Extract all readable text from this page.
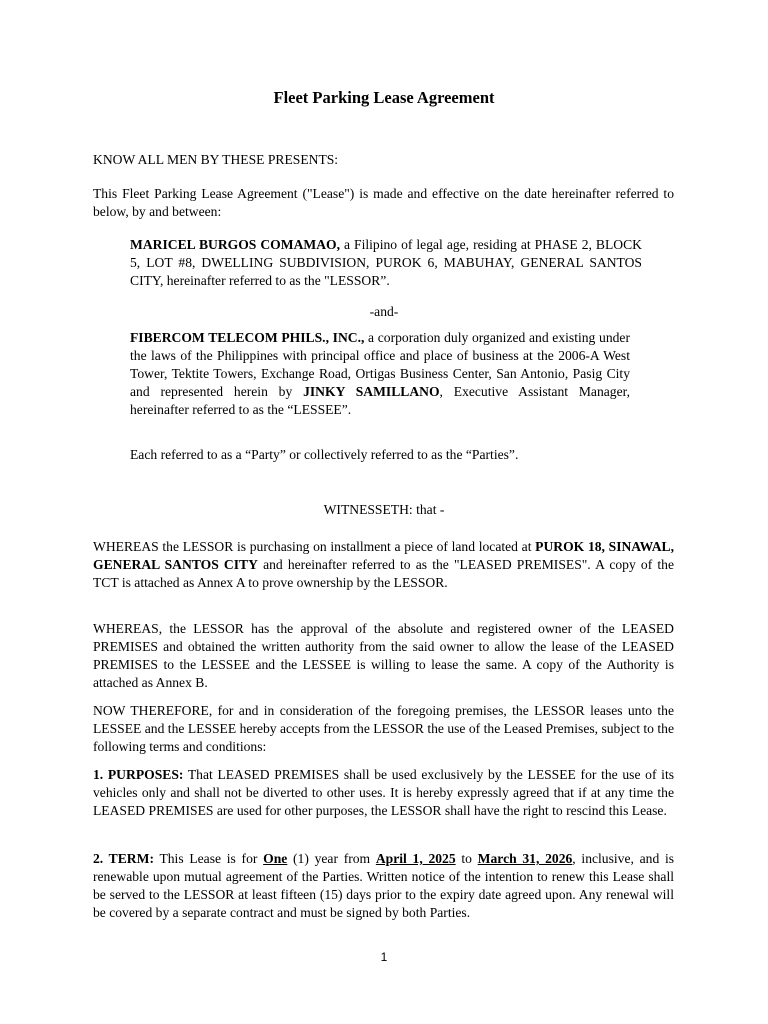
Fleet Parking Lease Agreement

KNOW ALL MEN BY THESE PRESENTS:

This Fleet Parking Lease Agreement ("Lease") is made and effective on the date hereinafter referred to below, by and between:

MARICEL BURGOS COMAMAO, a Filipino of legal age, residing at PHASE 2, BLOCK 5, LOT #8, DWELLING SUBDIVISION, PUROK 6, MABUHAY, GENERAL SANTOS CITY, hereinafter referred to as the "LESSOR”.

-and-

FIBERCOM TELECOM PHILS., INC., a corporation duly organized and existing under the laws of the Philippines with principal office and place of business at the 2006-A West Tower, Tektite Towers, Exchange Road, Ortigas Business Center, San Antonio, Pasig City and represented herein by JINKY SAMILLANO, Executive Assistant Manager, hereinafter referred to as the “LESSEE”.

Each referred to as a “Party” or collectively referred to as the “Parties”.

WITNESSETH: that -

WHEREAS the LESSOR is purchasing on installment a piece of land located at PUROK 18, SINAWAL, GENERAL SANTOS CITY and hereinafter referred to as the "LEASED PREMISES". A copy of the TCT is attached as Annex A to prove ownership by the LESSOR.

WHEREAS, the LESSOR has the approval of the absolute and registered owner of the LEASED PREMISES and obtained the written authority from the said owner to allow the lease of the LEASED PREMISES to the LESSEE and the LESSEE is willing to lease the same. A copy of the Authority is attached as Annex B.

NOW THEREFORE, for and in consideration of the foregoing premises, the LESSOR leases unto the LESSEE and the LESSEE hereby accepts from the LESSOR the use of the Leased Premises, subject to the following terms and conditions:

1. PURPOSES: That LEASED PREMISES shall be used exclusively by the LESSEE for the use of its vehicles only and shall not be diverted to other uses. It is hereby expressly agreed that if at any time the LEASED PREMISES are used for other purposes, the LESSOR shall have the right to rescind this Lease.

2. TERM: This Lease is for One (1) year from April 1, 2025 to March 31, 2026, inclusive, and is renewable upon mutual agreement of the Parties. Written notice of the intention to renew this Lease shall be served to the LESSOR at least fifteen (15) days prior to the expiry date agreed upon. Any renewal will be covered by a separate contract and must be signed by both Parties.

1
